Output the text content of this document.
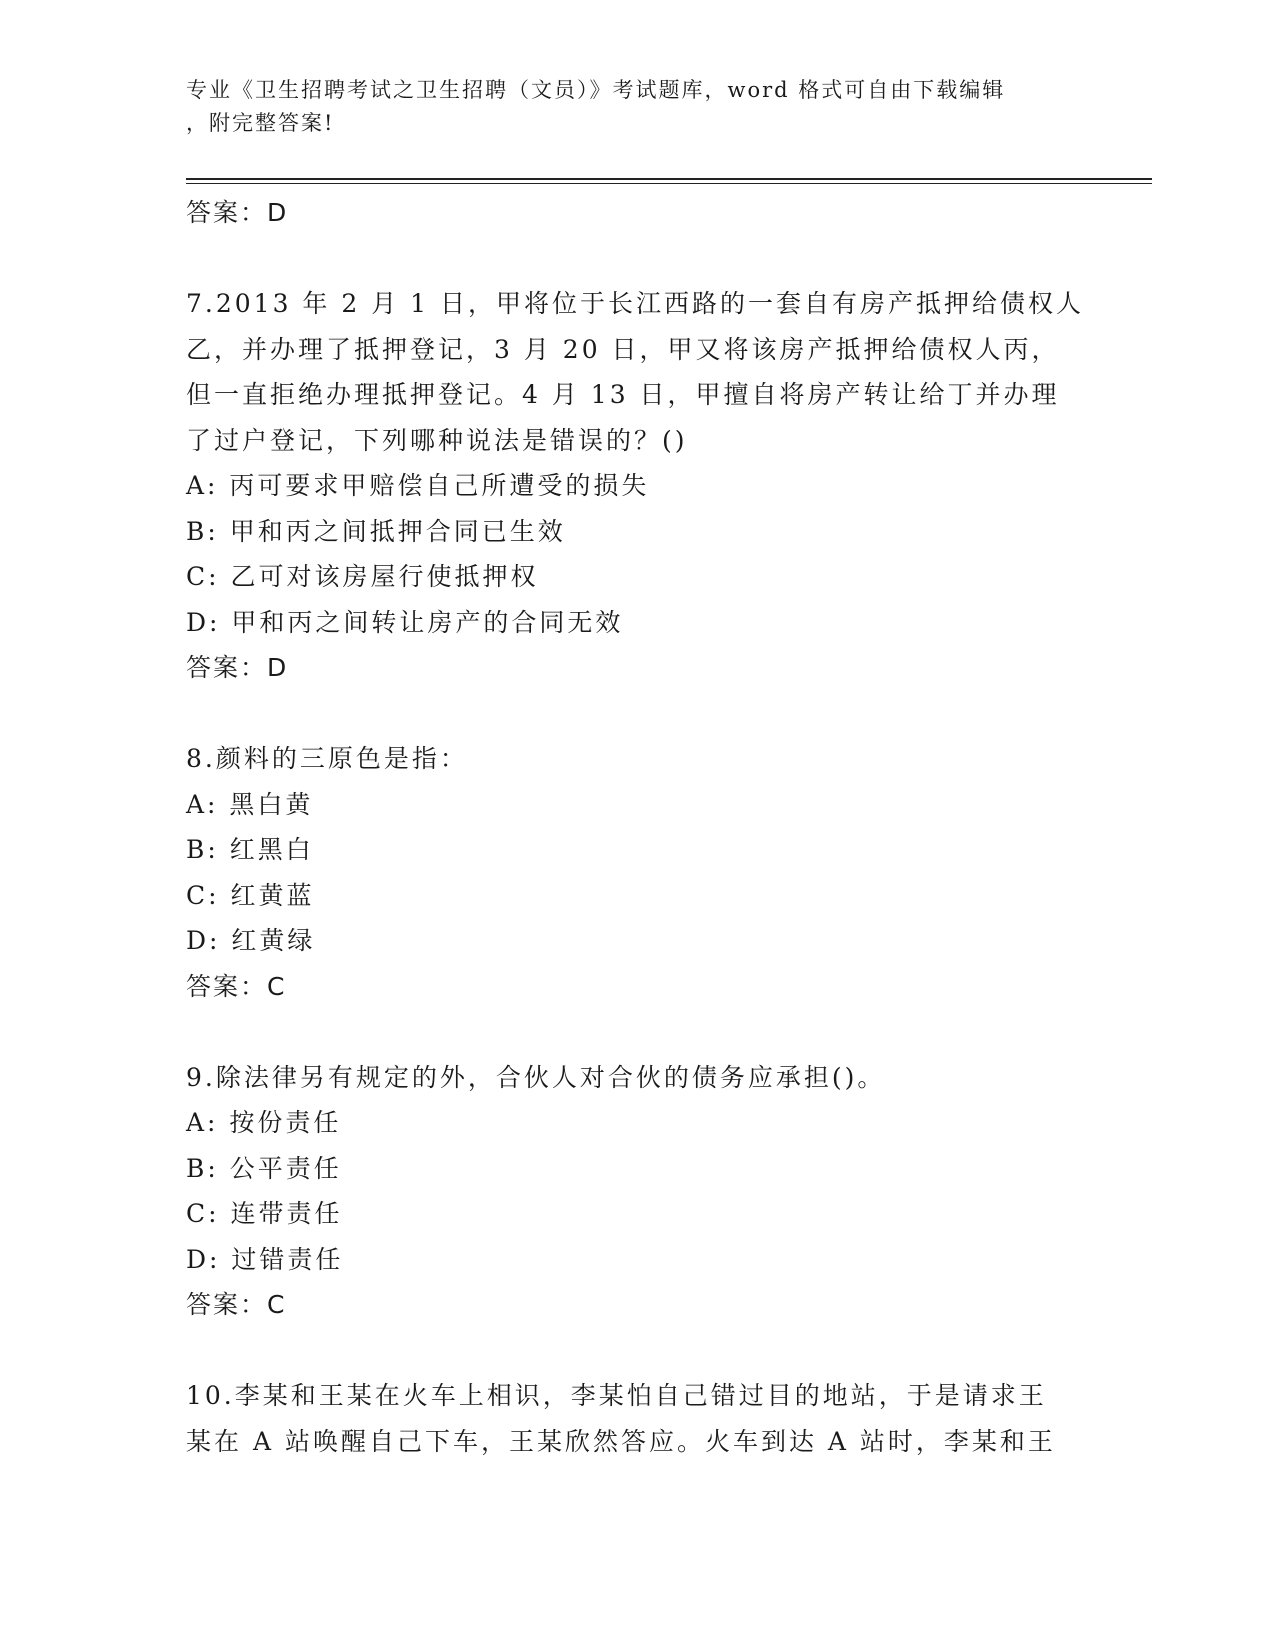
专业《卫生招聘考试之卫生招聘（文员）》考试题库，word 格式可自由下载编辑
，附完整答案!
答案：D
7.2013 年 2 月 1 日，甲将位于长江西路的一套自有房产抵押给债权人
乙，并办理了抵押登记，3 月 20 日，甲又将该房产抵押给债权人丙，
但一直拒绝办理抵押登记。4 月 13 日，甲擅自将房产转让给丁并办理
了过户登记，下列哪种说法是错误的？()
A: 丙可要求甲赔偿自己所遭受的损失
B: 甲和丙之间抵押合同已生效
C: 乙可对该房屋行使抵押权
D: 甲和丙之间转让房产的合同无效
答案：D
8.颜料的三原色是指：
A: 黑白黄
B: 红黑白
C: 红黄蓝
D: 红黄绿
答案：C
9.除法律另有规定的外，合伙人对合伙的债务应承担()。
A: 按份责任
B: 公平责任
C: 连带责任
D: 过错责任
答案：C
10.李某和王某在火车上相识，李某怕自己错过目的地站，于是请求王
某在 A 站唤醒自己下车，王某欣然答应。火车到达 A 站时，李某和王
